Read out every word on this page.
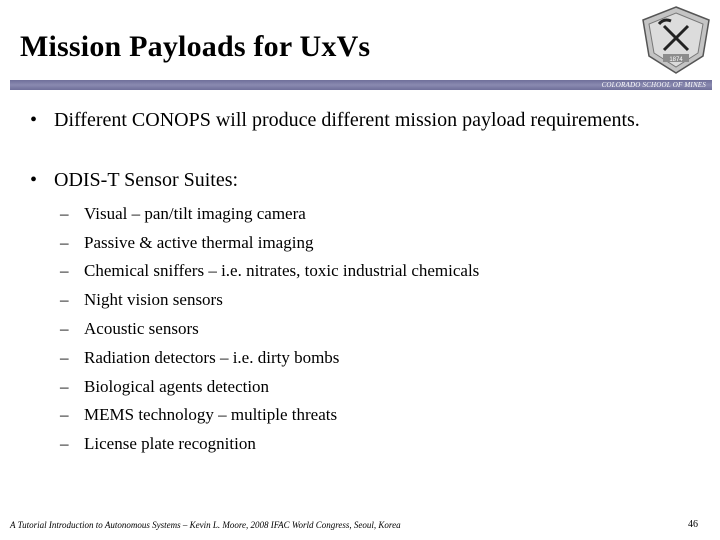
Mission Payloads for UxVs	1874
COLORADO SCHOOL OF MINES
• Different CONOPS will produce different mission payload requirements.
• ODIS-T Sensor Suites:
– Visual – pan/tilt imaging camera
– Passive & active thermal imaging
– Chemical sniffers – i.e. nitrates, toxic industrial chemicals
– Night vision sensors
– Acoustic sensors
– Radiation detectors – i.e. dirty bombs
– Biological agents detection
– MEMS technology – multiple threats
– License plate recognition
A Tutorial Introduction to Autonomous Systems – Kevin L. Moore, 2008 IFAC World Congress, Seoul, Korea	46
